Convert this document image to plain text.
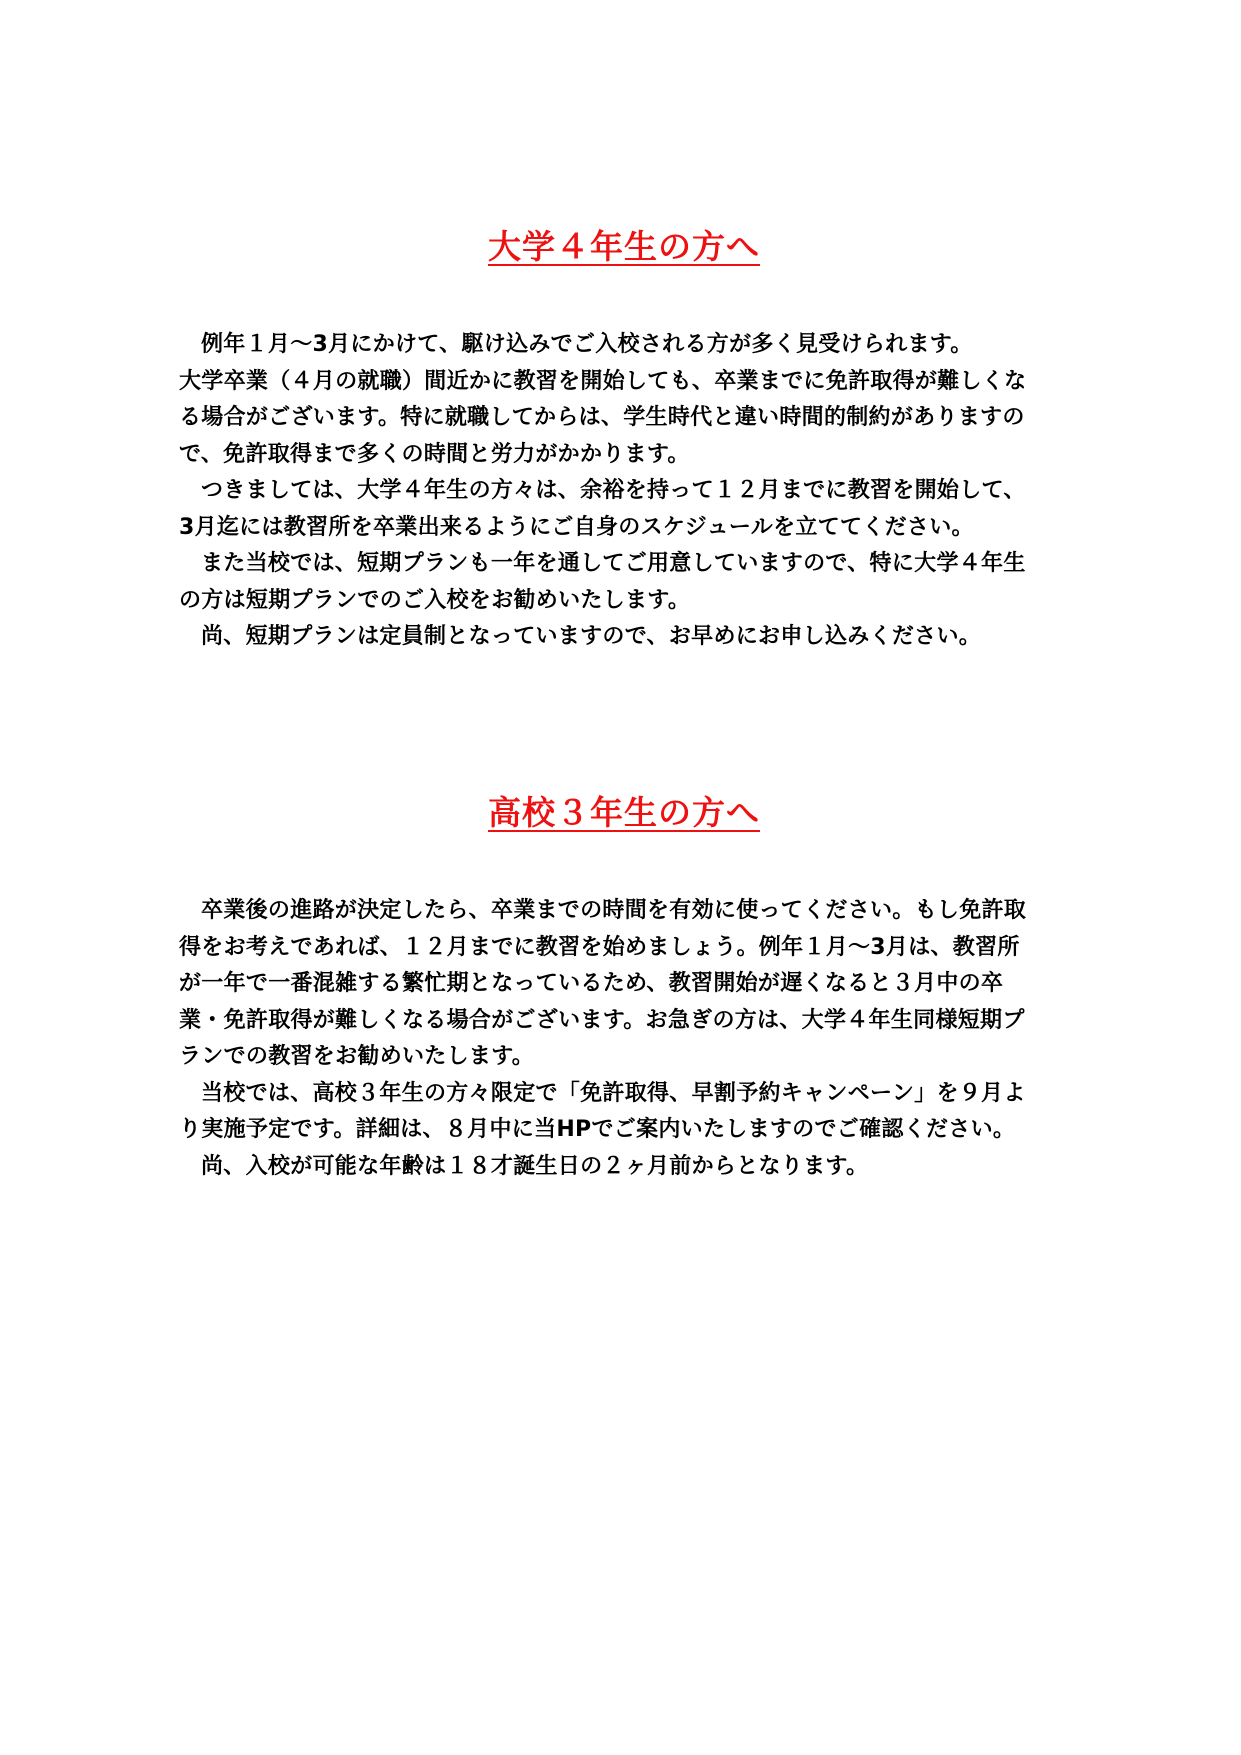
大学４年生の方へ

例年１月～3月にかけて、駆け込みでご入校される方が多く見受けられます。
大学卒業（４月の就職）間近かに教習を開始しても、卒業までに免許取得が難しくな
る場合がございます。特に就職してからは、学生時代と違い時間的制約がありますの
で、免許取得まで多くの時間と労力がかかります。
つきましては、大学４年生の方々は、余裕を持って１２月までに教習を開始して、
3月迄には教習所を卒業出来るようにご自身のスケジュールを立ててください。
また当校では、短期プランも一年を通してご用意していますので、特に大学４年生
の方は短期プランでのご入校をお勧めいたします。
尚、短期プランは定員制となっていますので、お早めにお申し込みください。

高校３年生の方へ

卒業後の進路が決定したら、卒業までの時間を有効に使ってください。もし免許取
得をお考えであれば、１２月までに教習を始めましょう。例年１月～3月は、教習所
が一年で一番混雑する繁忙期となっているため、教習開始が遅くなると３月中の卒
業・免許取得が難しくなる場合がございます。お急ぎの方は、大学４年生同様短期プ
ランでの教習をお勧めいたします。
当校では、高校３年生の方々限定で「免許取得、早割予約キャンペーン」を９月よ
り実施予定です。詳細は、８月中に当HPでご案内いたしますのでご確認ください。
尚、入校が可能な年齢は１８才誕生日の２ヶ月前からとなります。
